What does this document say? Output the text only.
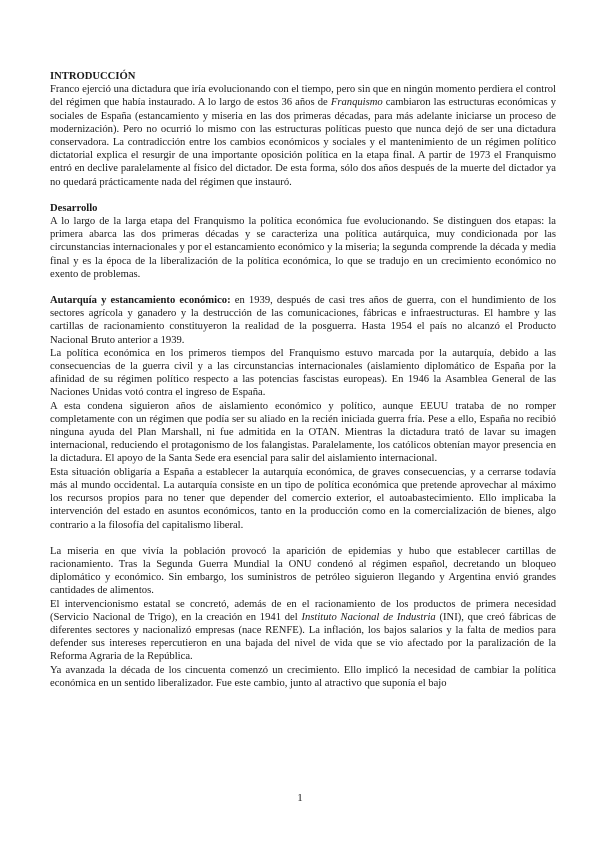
INTRODUCCIÓN

Franco ejerció una dictadura que iría evolucionando con el tiempo, pero sin que en ningún momento perdiera el control del régimen que había instaurado. A lo largo de estos 36 años de Franquismo cambiaron las estructuras económicas y sociales de España (estancamiento y miseria en las dos primeras décadas, para más adelante iniciarse un proceso de modernización). Pero no ocurrió lo mismo con las estructuras políticas puesto que nunca dejó de ser una dictadura conservadora. La contradicción entre los cambios económicos y sociales y el mantenimiento de un régimen político dictatorial explica el resurgir de una importante oposición política en la etapa final. A partir de 1973 el Franquismo entró en declive paralelamente al físico del dictador. De esta forma, sólo dos años después de la muerte del dictador ya no quedará prácticamente nada del régimen que instauró.

Desarrollo

A lo largo de la larga etapa del Franquismo la política económica fue evolucionando. Se distinguen dos etapas: la primera abarca las dos primeras décadas y se caracteriza una política autárquica, muy condicionada por las circunstancias internacionales y por el estancamiento económico y la miseria; la segunda comprende la década y media final y es la época de la liberalización de la política económica, lo que se tradujo en un crecimiento económico no exento de problemas.

Autarquía y estancamiento económico: en 1939, después de casi tres años de guerra, con el hundimiento de los sectores agrícola y ganadero y la destrucción de las comunicaciones, fábricas e infraestructuras. El hambre y las cartillas de racionamiento constituyeron la realidad de la posguerra. Hasta 1954 el país no alcanzó el Producto Nacional Bruto anterior a 1939.

La política económica en los primeros tiempos del Franquismo estuvo marcada por la autarquía, debido a las consecuencias de la guerra civil y a las circunstancias internacionales (aislamiento diplomático de España por la afinidad de su régimen político respecto a las potencias fascistas europeas). En 1946 la Asamblea General de las Naciones Unidas votó contra el ingreso de España.

A esta condena siguieron años de aislamiento económico y político, aunque EEUU trataba de no romper completamente con un régimen que podía ser su aliado en la recién iniciada guerra fría. Pese a ello, España no recibió ninguna ayuda del Plan Marshall, ni fue admitida en la OTAN. Mientras la dictadura trató de lavar su imagen internacional, reduciendo el protagonismo de los falangistas. Paralelamente, los católicos obtenían mayor presencia en la dictadura. El apoyo de la Santa Sede era esencial para salir del aislamiento internacional.

Esta situación obligaría a España a establecer la autarquía económica, de graves consecuencias, y a cerrarse todavía más al mundo occidental. La autarquía consiste en un tipo de política económica que pretende aprovechar al máximo los recursos propios para no tener que depender del comercio exterior, el autoabastecimiento. Ello implicaba la intervención del estado en asuntos económicos, tanto en la producción como en la comercialización de bienes, algo contrario a la filosofía del capitalismo liberal.

La miseria en que vivía la población provocó la aparición de epidemias y hubo que establecer cartillas de racionamiento. Tras la Segunda Guerra Mundial la ONU condenó al régimen español, decretando un bloqueo diplomático y económico. Sin embargo, los suministros de petróleo siguieron llegando y Argentina envió grandes cantidades de alimentos.

El intervencionismo estatal se concretó, además de en el racionamiento de los productos de primera necesidad (Servicio Nacional de Trigo), en la creación en 1941 del Instituto Nacional de Industria (INI), que creó fábricas de diferentes sectores y nacionalizó empresas (nace RENFE). La inflación, los bajos salarios y la falta de medios para defender sus intereses repercutieron en una bajada del nivel de vida que se vio afectado por la paralización de la Reforma Agraria de la República.

Ya avanzada la década de los cincuenta comenzó un crecimiento. Ello implicó la necesidad de cambiar la política económica en un sentido liberalizador. Fue este cambio, junto al atractivo que suponía el bajo

1
